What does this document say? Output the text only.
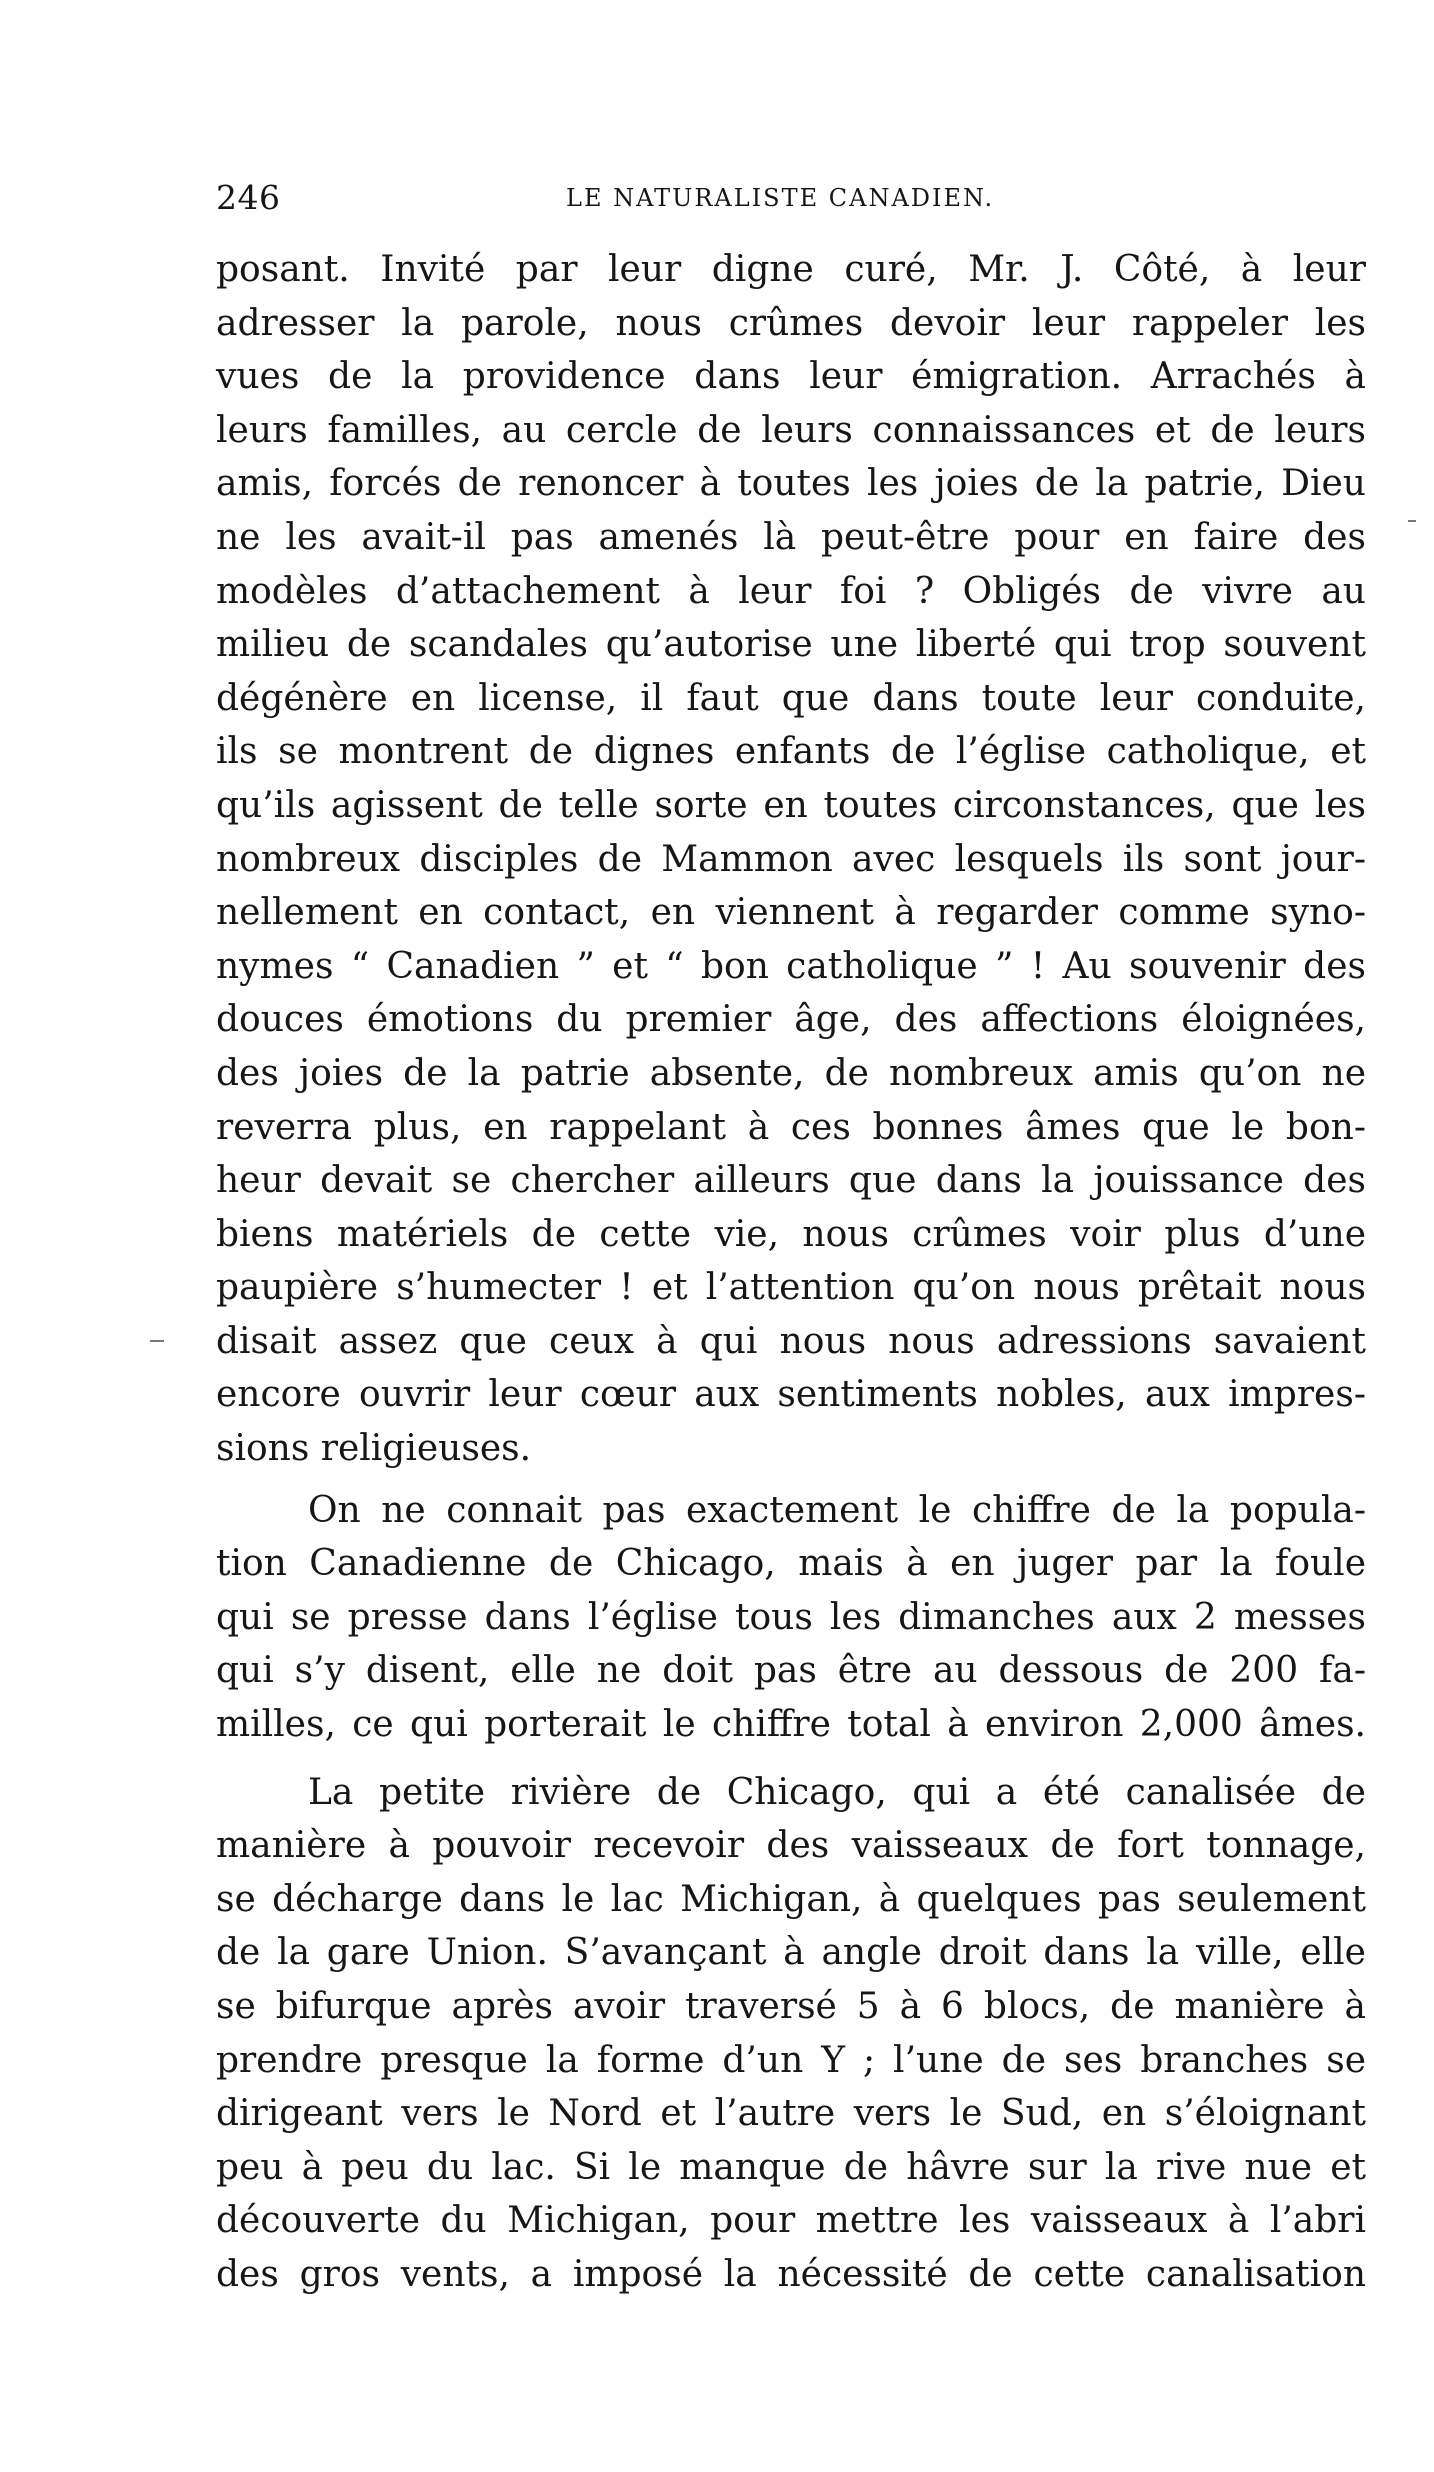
246	LE NATURALISTE CANADIEN.
posant. Invité par leur digne curé, Mr. J. Côté, à leur
adresser la parole, nous crûmes devoir leur rappeler les
vues de la providence dans leur émigration. Arrachés à
leurs familles, au cercle de leurs connaissances et de leurs
amis, forcés de renoncer à toutes les joies de la patrie, Dieu
ne les avait-il pas amenés là peut-être pour en faire des
modèles d’attachement à leur foi ? Obligés de vivre au
milieu de scandales qu’autorise une liberté qui trop souvent
dégénère en license, il faut que dans toute leur conduite,
ils se montrent de dignes enfants de l’église catholique, et
qu’ils agissent de telle sorte en toutes circonstances, que les
nombreux disciples de Mammon avec lesquels ils sont jour-
nellement en contact, en viennent à regarder comme syno-
nymes “ Canadien ” et “ bon catholique ” ! Au souvenir des
douces émotions du premier âge, des affections éloignées,
des joies de la patrie absente, de nombreux amis qu’on ne
reverra plus, en rappelant à ces bonnes âmes que le bon-
heur devait se chercher ailleurs que dans la jouissance des
biens matériels de cette vie, nous crûmes voir plus d’une
paupière s’humecter ! et l’attention qu’on nous prêtait nous
disait assez que ceux à qui nous nous adressions savaient
encore ouvrir leur cœur aux sentiments nobles, aux impres-
sions religieuses.
On ne connait pas exactement le chiffre de la popula-
tion Canadienne de Chicago, mais à en juger par la foule
qui se presse dans l’église tous les dimanches aux 2 messes
qui s’y disent, elle ne doit pas être au dessous de 200 fa-
milles, ce qui porterait le chiffre total à environ 2,000 âmes.
La petite rivière de Chicago, qui a été canalisée de
manière à pouvoir recevoir des vaisseaux de fort tonnage,
se décharge dans le lac Michigan, à quelques pas seulement
de la gare Union. S’avançant à angle droit dans la ville, elle
se bifurque après avoir traversé 5 à 6 blocs, de manière à
prendre presque la forme d’un Y ; l’une de ses branches se
dirigeant vers le Nord et l’autre vers le Sud, en s’éloignant
peu à peu du lac. Si le manque de hâvre sur la rive nue et
découverte du Michigan, pour mettre les vaisseaux à l’abri
des gros vents, a imposé la nécessité de cette canalisation
